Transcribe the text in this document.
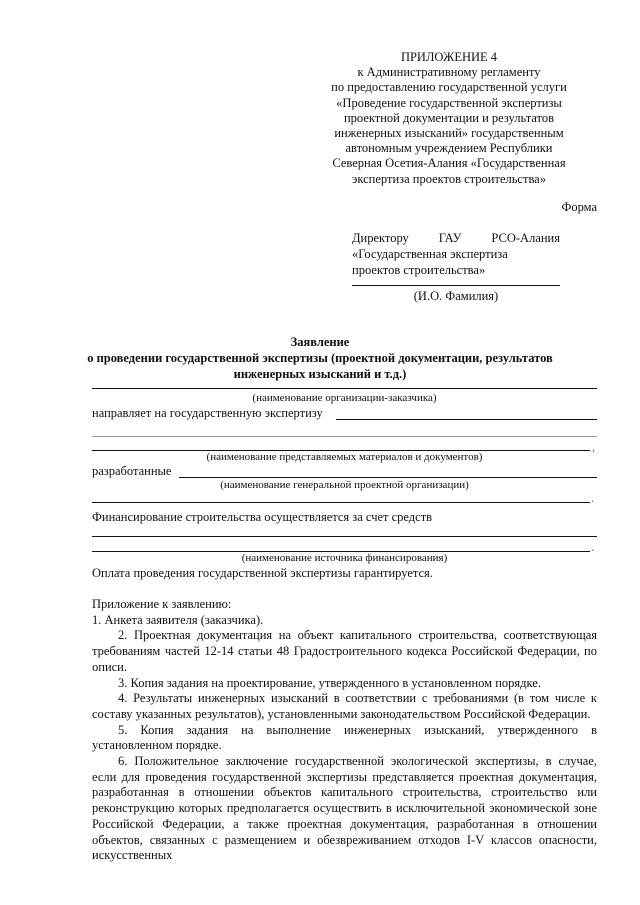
ПРИЛОЖЕНИЕ 4
к Административному регламенту
по предоставлению государственной услуги
«Проведение государственной экспертизы
проектной документации и результатов
инженерных изысканий» государственным
автономным учреждением Республики
Северная Осетия-Алания «Государственная
экспертиза проектов строительства»
Форма
Директору ГАУ РСО-Алания «Государственная экспертиза
проектов строительства»
(И.О. Фамилия)
Заявление
о проведении государственной экспертизы (проектной документации, результатов
инженерных изысканий и т.д.)
(наименование организации-заказчика)
направляет на государственную экспертизу
,
(наименование представляемых материалов и документов)
разработанные
(наименование генеральной проектной организации)
.
Финансирование строительства осуществляется за счет средств
.
(наименование источника финансирования)
Оплата проведения государственной экспертизы гарантируется.

Приложение к заявлению:

1. Анкета заявителя (заказчика).

2. Проектная документация на объект капитального строительства, соответствующая требованиям частей 12-14 статьи 48 Градостроительного кодекса Российской Федерации, по описи.

3. Копия задания на проектирование, утвержденного в установленном порядке.

4. Результаты инженерных изысканий в соответствии с требованиями (в том числе к составу указанных результатов), установленными законодательством Российской Федерации.

5. Копия задания на выполнение инженерных изысканий, утвержденного в установленном порядке.

6. Положительное заключение государственной экологической экспертизы, в случае, если для проведения государственной экспертизы представляется проектная документация, разработанная в отношении объектов капитального строительства, строительство или реконструкцию которых предполагается осуществить в исключительной экономической зоне Российской Федерации, а также проектная документация, разработанная в отношении объектов, связанных с размещением и обезвреживанием отходов I-V классов опасности, искусственных
